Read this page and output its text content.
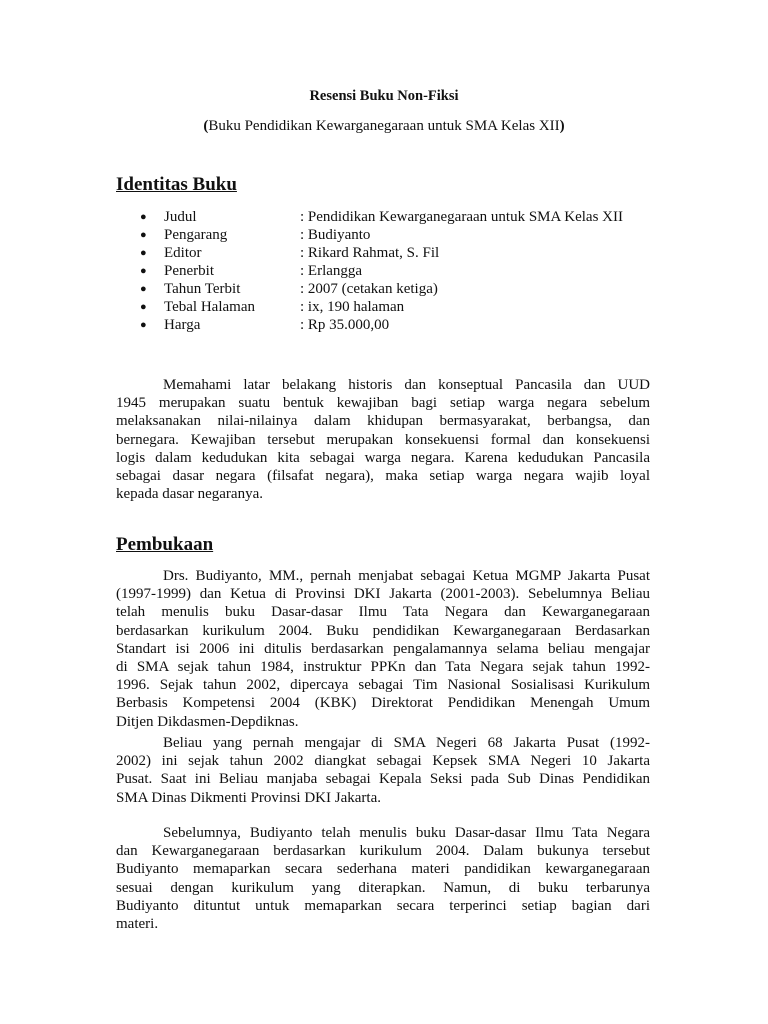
Resensi Buku Non-Fiksi
(Buku Pendidikan Kewarganegaraan untuk SMA Kelas XII)
Identitas Buku
● Judul	: Pendidikan Kewarganegaraan untuk SMA Kelas XII
● Pengarang	: Budiyanto
● Editor	: Rikard Rahmat, S. Fil
● Penerbit	: Erlangga
● Tahun Terbit	: 2007 (cetakan ketiga)
● Tebal Halaman	: ix, 190 halaman
● Harga	: Rp 35.000,00
Memahami latar belakang historis dan konseptual Pancasila dan UUD
1945 merupakan suatu bentuk kewajiban bagi setiap warga negara sebelum
melaksanakan nilai-nilainya dalam khidupan bermasyarakat, berbangsa, dan
bernegara. Kewajiban tersebut merupakan konsekuensi formal dan konsekuensi
logis dalam kedudukan kita sebagai warga negara. Karena kedudukan Pancasila
sebagai dasar negara (filsafat negara), maka setiap warga negara wajib loyal
kepada dasar negaranya.
Pembukaan
Drs. Budiyanto, MM., pernah menjabat sebagai Ketua MGMP Jakarta Pusat
(1997-1999) dan Ketua di Provinsi DKI Jakarta (2001-2003). Sebelumnya Beliau
telah menulis buku Dasar-dasar Ilmu Tata Negara dan Kewarganegaraan
berdasarkan kurikulum 2004. Buku pendidikan Kewarganegaraan Berdasarkan
Standart isi 2006 ini ditulis berdasarkan pengalamannya selama beliau mengajar
di SMA sejak tahun 1984, instruktur PPKn dan Tata Negara sejak tahun 1992-
1996. Sejak tahun 2002, dipercaya sebagai Tim Nasional Sosialisasi Kurikulum
Berbasis Kompetensi 2004 (KBK) Direktorat Pendidikan Menengah Umum
Ditjen Dikdasmen-Depdiknas.
Beliau yang pernah mengajar di SMA Negeri 68 Jakarta Pusat (1992-
2002) ini sejak tahun 2002 diangkat sebagai Kepsek SMA Negeri 10 Jakarta
Pusat. Saat ini Beliau manjaba sebagai Kepala Seksi pada Sub Dinas Pendidikan
SMA Dinas Dikmenti Provinsi DKI Jakarta.
Sebelumnya, Budiyanto telah menulis buku Dasar-dasar Ilmu Tata Negara
dan Kewarganegaraan berdasarkan kurikulum 2004. Dalam bukunya tersebut
Budiyanto memaparkan secara sederhana materi pandidikan kewarganegaraan
sesuai dengan kurikulum yang diterapkan. Namun, di buku terbarunya
Budiyanto dituntut untuk memaparkan secara terperinci setiap bagian dari
materi.
